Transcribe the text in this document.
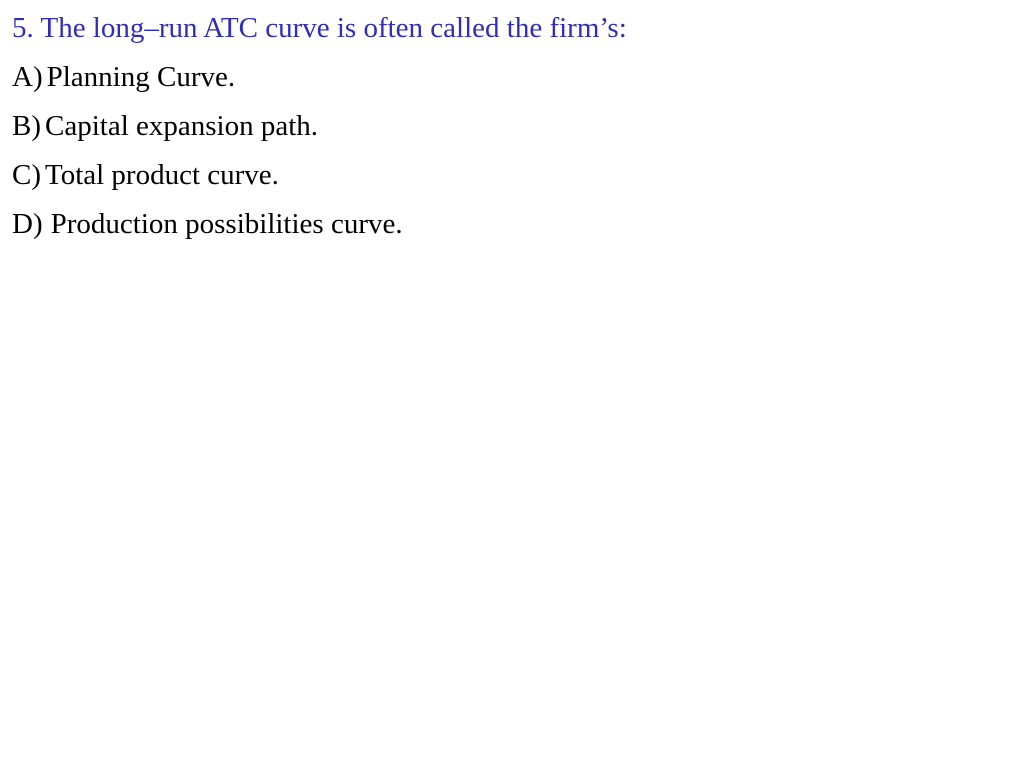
5. The long–run ATC curve is often called the firm’s:
A) Planning Curve.
B) Capital expansion path.
C) Total product curve.
D) Production possibilities curve.
